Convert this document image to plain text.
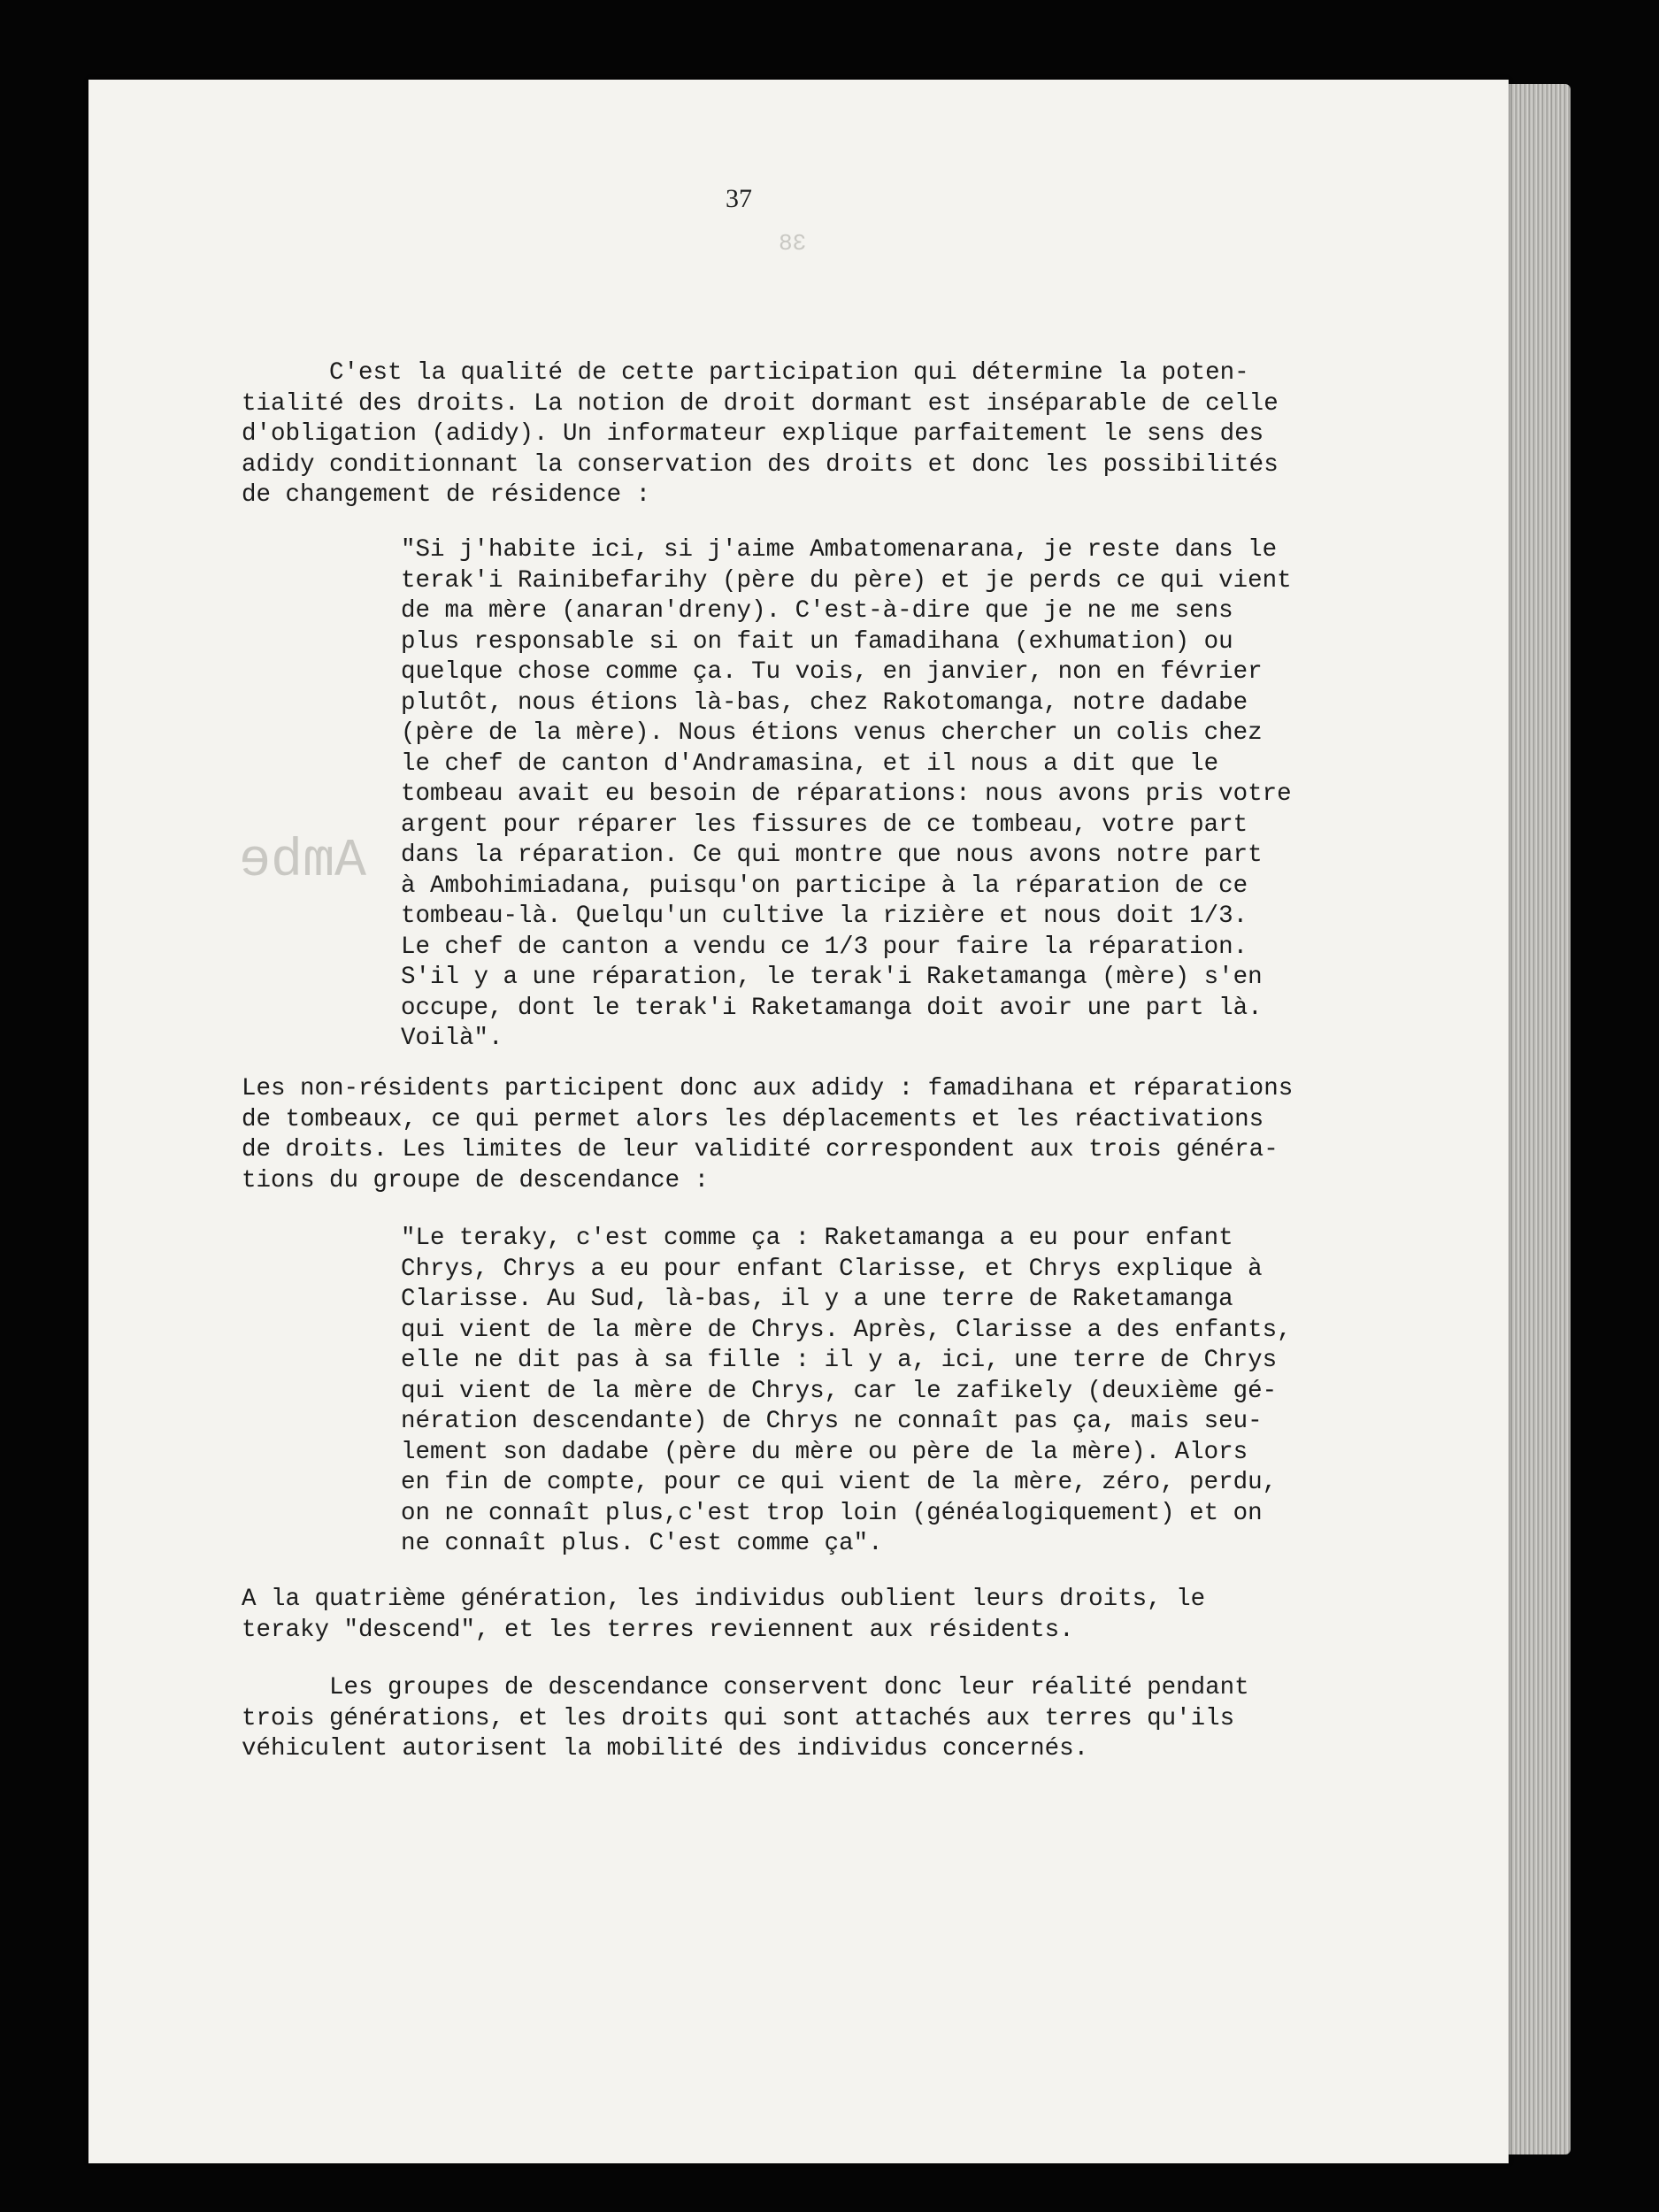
38
Ambe
37
C'est la qualité de cette participation qui détermine la poten-
tialité des droits. La notion de droit dormant est inséparable de celle
d'obligation (adidy). Un informateur explique parfaitement le sens des
adidy conditionnant la conservation des droits et donc les possibilités
de changement de résidence :
"Si j'habite ici, si j'aime Ambatomenarana, je reste dans le
terak'i Rainibefarihy (père du père) et je perds ce qui vient
de ma mère (anaran'dreny). C'est-à-dire que je ne me sens
plus responsable si on fait un famadihana (exhumation) ou
quelque chose comme ça. Tu vois, en janvier, non en février
plutôt, nous étions là-bas, chez Rakotomanga, notre dadabe
(père de la mère). Nous étions venus chercher un colis chez
le chef de canton d'Andramasina, et il nous a dit que le
tombeau avait eu besoin de réparations: nous avons pris votre
argent pour réparer les fissures de ce tombeau, votre part
dans la réparation. Ce qui montre que nous avons notre part
à Ambohimiadana, puisqu'on participe à la réparation de ce
tombeau-là. Quelqu'un cultive la rizière et nous doit 1/3.
Le chef de canton a vendu ce 1/3 pour faire la réparation.
S'il y a une réparation, le terak'i Raketamanga (mère) s'en
occupe, dont le terak'i Raketamanga doit avoir une part là.
Voilà".
Les non-résidents participent donc aux adidy : famadihana et réparations
de tombeaux, ce qui permet alors les déplacements et les réactivations
de droits. Les limites de leur validité correspondent aux trois généra-
tions du groupe de descendance :
"Le teraky, c'est comme ça : Raketamanga a eu pour enfant
Chrys, Chrys a eu pour enfant Clarisse, et Chrys explique à
Clarisse. Au Sud, là-bas, il y a une terre de Raketamanga
qui vient de la mère de Chrys. Après, Clarisse a des enfants,
elle ne dit pas à sa fille : il y a, ici, une terre de Chrys
qui vient de la mère de Chrys, car le zafikely (deuxième gé-
nération descendante) de Chrys ne connaît pas ça, mais seu-
lement son dadabe (père du mère ou père de la mère). Alors
en fin de compte, pour ce qui vient de la mère, zéro, perdu,
on ne connaît plus,c'est trop loin (généalogiquement) et on
ne connaît plus. C'est comme ça".
A la quatrième génération, les individus oublient leurs droits, le
teraky "descend", et les terres reviennent aux résidents.
Les groupes de descendance conservent donc leur réalité pendant
trois générations, et les droits qui sont attachés aux terres qu'ils
véhiculent autorisent la mobilité des individus concernés.
